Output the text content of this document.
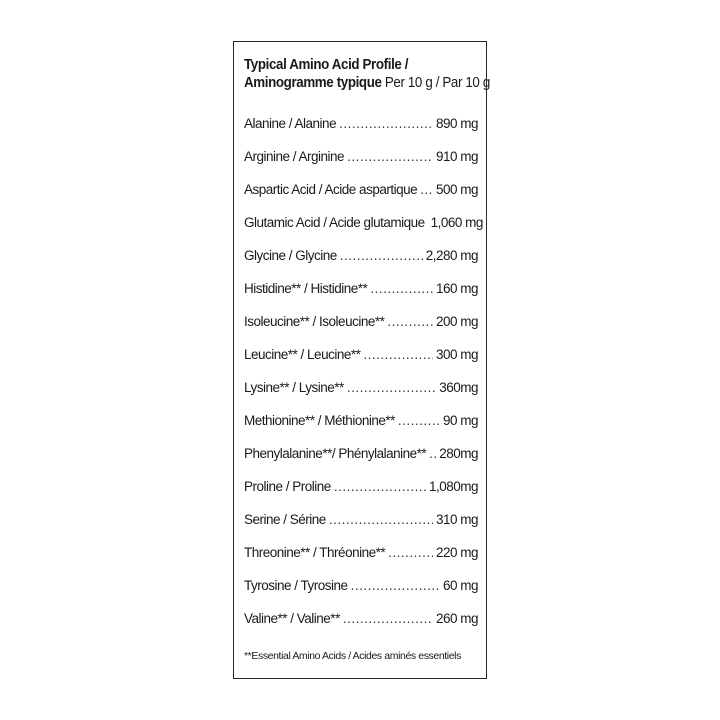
Typical Amino Acid Profile /
Aminogramme typique Per 10 g / Par 10 g
Alanine / Alanine .....	890 mg
Arginine / Arginine .....	910 mg
Aspartic Acid / Acide aspartique ..... 500 mg
Glutamic Acid / Acide glutamique 1,060 mg
Glycine / Glycine .....	2,280 mg
Histidine** / Histidine** .....	160 mg
Isoleucine** / Isoleucine** .....	200 mg
Leucine** / Leucine** .....	300 mg
Lysine** / Lysine** .....	360mg
Methionine** / Méthionine** .....	90 mg
Phenylalanine**/ Phénylalanine** ..... 280mg
Proline / Proline .....	1,080mg
Serine / Sérine .....	310 mg
Threonine** / Thréonine** .....	220 mg
Tyrosine / Tyrosine .....	60 mg
Valine** / Valine** .....	260 mg
**Essential Amino Acids / Acides aminés essentiels
